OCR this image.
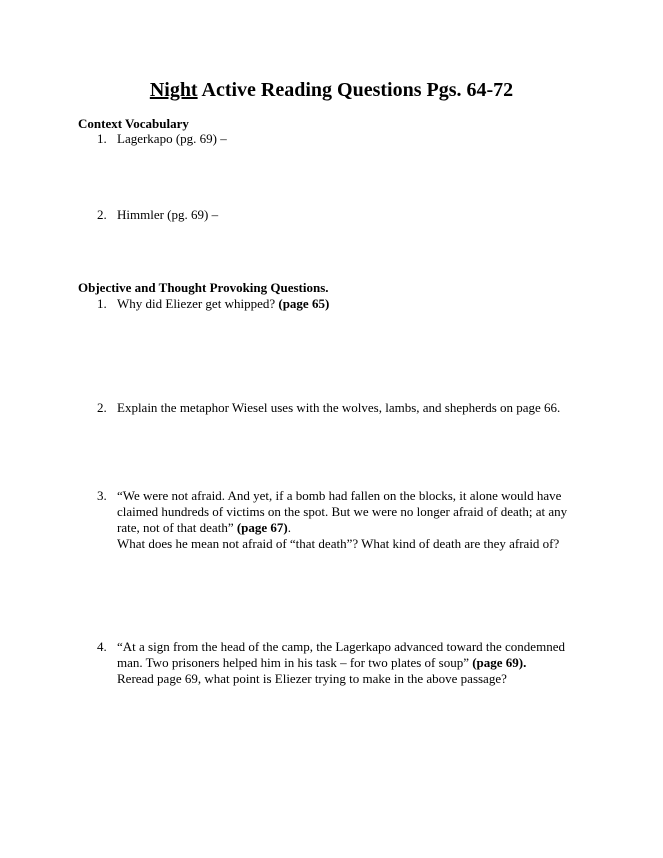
Night Active Reading Questions Pgs. 64-72
Context Vocabulary
1. Lagerkapo (pg. 69) –
2. Himmler (pg. 69) –
Objective and Thought Provoking Questions.
1. Why did Eliezer get whipped? (page 65)
2. Explain the metaphor Wiesel uses with the wolves, lambs, and shepherds on page 66.
3. “We were not afraid. And yet, if a bomb had fallen on the blocks, it alone would have
claimed hundreds of victims on the spot. But we were no longer afraid of death; at any
rate, not of that death” (page 67).
What does he mean not afraid of “that death”? What kind of death are they afraid of?
4. “At a sign from the head of the camp, the Lagerkapo advanced toward the condemned
man. Two prisoners helped him in his task – for two plates of soup” (page 69).
Reread page 69, what point is Eliezer trying to make in the above passage?
